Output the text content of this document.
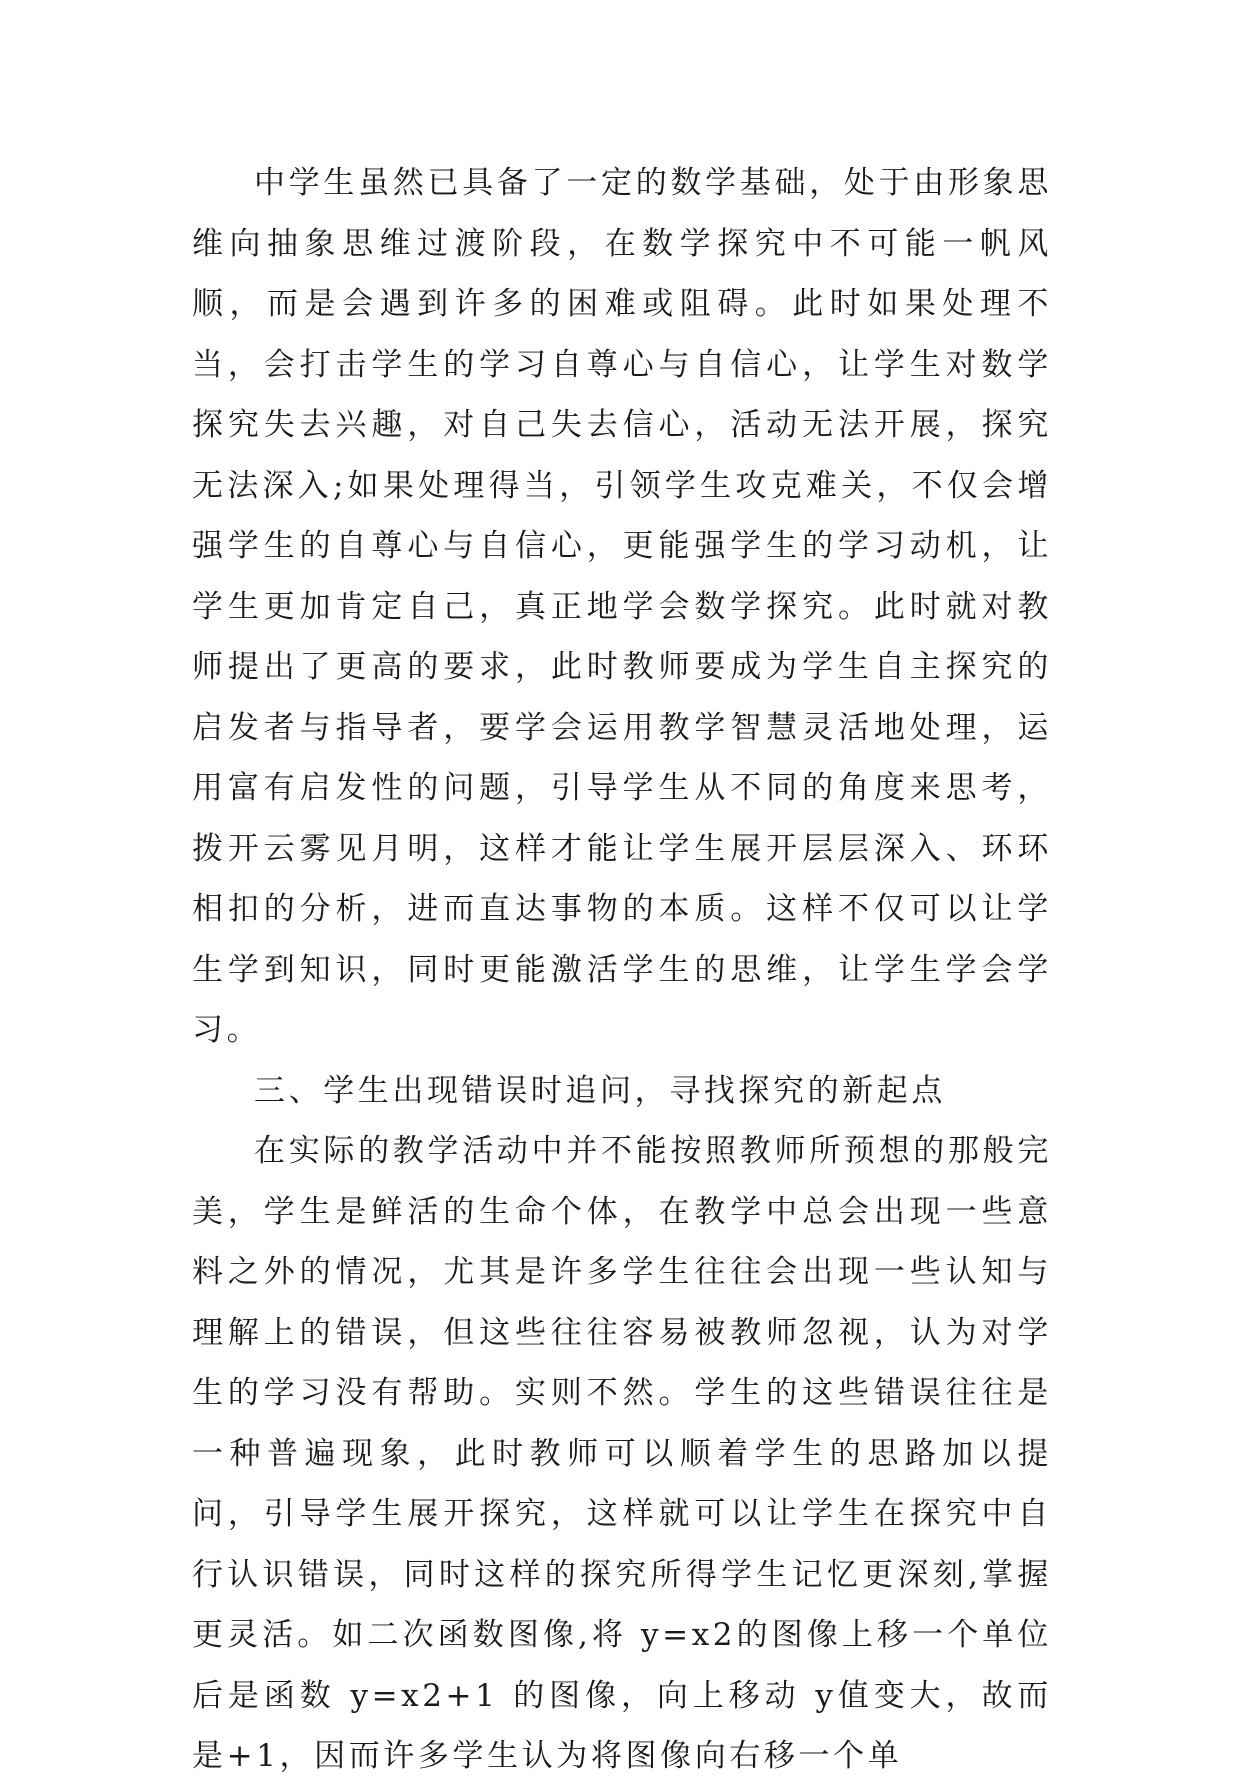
中学生虽然已具备了一定的数学基础，处于由形象思维向抽象思维过渡阶段，在数学探究中不可能一帆风顺，而是会遇到许多的困难或阻碍。此时如果处理不当，会打击学生的学习自尊心与自信心，让学生对数学探究失去兴趣，对自己失去信心，活动无法开展，探究无法深入;如果处理得当，引领学生攻克难关，不仅会增强学生的自尊心与自信心，更能强学生的学习动机，让学生更加肯定自己，真正地学会数学探究。此时就对教师提出了更高的要求，此时教师要成为学生自主探究的启发者与指导者，要学会运用教学智慧灵活地处理，运用富有启发性的问题，引导学生从不同的角度来思考，拨开云雾见月明，这样才能让学生展开层层深入、环环相扣的分析，进而直达事物的本质。这样不仅可以让学生学到知识，同时更能激活学生的思维，让学生学会学习。

三、学生出现错误时追问，寻找探究的新起点

在实际的教学活动中并不能按照教师所预想的那般完美，学生是鲜活的生命个体，在教学中总会出现一些意料之外的情况，尤其是许多学生往往会出现一些认知与理解上的错误，但这些往往容易被教师忽视，认为对学生的学习没有帮助。实则不然。学生的这些错误往往是一种普遍现象，此时教师可以顺着学生的思路加以提问，引导学生展开探究，这样就可以让学生在探究中自行认识错误，同时这样的探究所得学生记忆更深刻,掌握更灵活。如二次函数图像,将 y=x2的图像上移一个单位后是函数 y=x2+1 的图像，向上移动 y值变大，故而是+1，因而许多学生认为将图像向右移一个单
